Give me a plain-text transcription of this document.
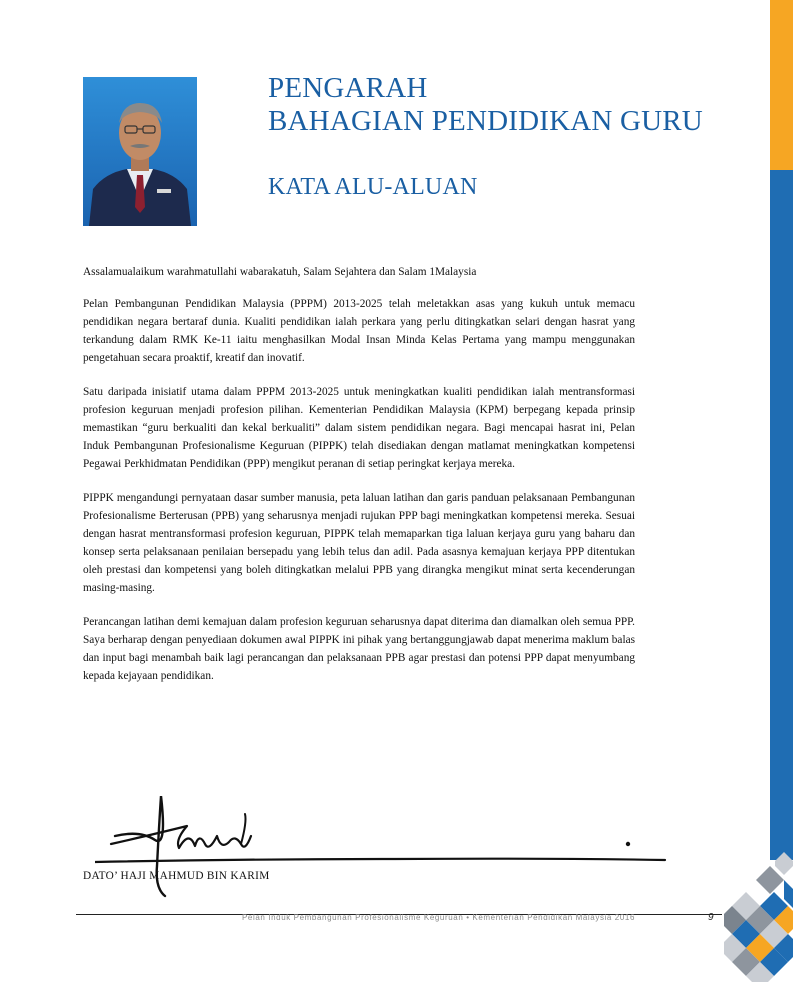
PENGARAH
BAHAGIAN PENDIDIKAN GURU
KATA ALU-ALUAN

Assalamualaikum warahmatullahi wabarakatuh, Salam Sejahtera dan Salam 1Malaysia

Pelan Pembangunan Pendidikan Malaysia (PPPM) 2013-2025 telah meletakkan asas yang kukuh untuk memacu pendidikan negara bertaraf dunia. Kualiti pendidikan ialah perkara yang perlu ditingkatkan selari dengan hasrat yang terkandung dalam RMK Ke-11 iaitu menghasilkan Modal Insan Minda Kelas Pertama yang mampu menggunakan pengetahuan secara proaktif, kreatif dan inovatif.

Satu daripada inisiatif utama dalam PPPM 2013-2025 untuk meningkatkan kualiti pendidikan ialah mentransformasi profesion keguruan menjadi profesion pilihan. Kementerian Pendidikan Malaysia (KPM) berpegang kepada prinsip memastikan “guru berkualiti dan kekal berkualiti” dalam sistem pendidikan negara. Bagi mencapai hasrat ini, Pelan Induk Pembangunan Profesionalisme Keguruan (PIPPK) telah disediakan dengan matlamat meningkatkan kompetensi Pegawai Perkhidmatan Pendidikan (PPP) mengikut peranan di setiap peringkat kerjaya mereka.

PIPPK mengandungi pernyataan dasar sumber manusia, peta laluan latihan dan garis panduan pelaksanaan Pembangunan Profesionalisme Berterusan (PPB) yang seharusnya menjadi rujukan PPP bagi meningkatkan kompetensi mereka. Sesuai dengan hasrat mentransformasi profesion keguruan, PIPPK telah memaparkan tiga laluan kerjaya guru yang baharu dan konsep serta pelaksanaan penilaian bersepadu yang lebih telus dan adil. Pada asasnya kemajuan kerjaya PPP ditentukan oleh prestasi dan kompetensi yang boleh ditingkatkan melalui PPB yang dirangka mengikut minat serta kecenderungan masing-masing.

Perancangan latihan demi kemajuan dalam profesion keguruan seharusnya dapat diterima dan diamalkan oleh semua PPP. Saya berharap dengan penyediaan dokumen awal PIPPK ini pihak yang bertanggungjawab dapat menerima maklum balas dan input bagi menambah baik lagi perancangan dan pelaksanaan PPB agar prestasi dan potensi PPP dapat menyumbang kepada kejayaan pendidikan.

DATO’ HAJI MAHMUD BIN KARIM

Pelan Induk Pembangunan Profesionalisme Keguruan • Kementerian Pendidikan Malaysia 2016	9
